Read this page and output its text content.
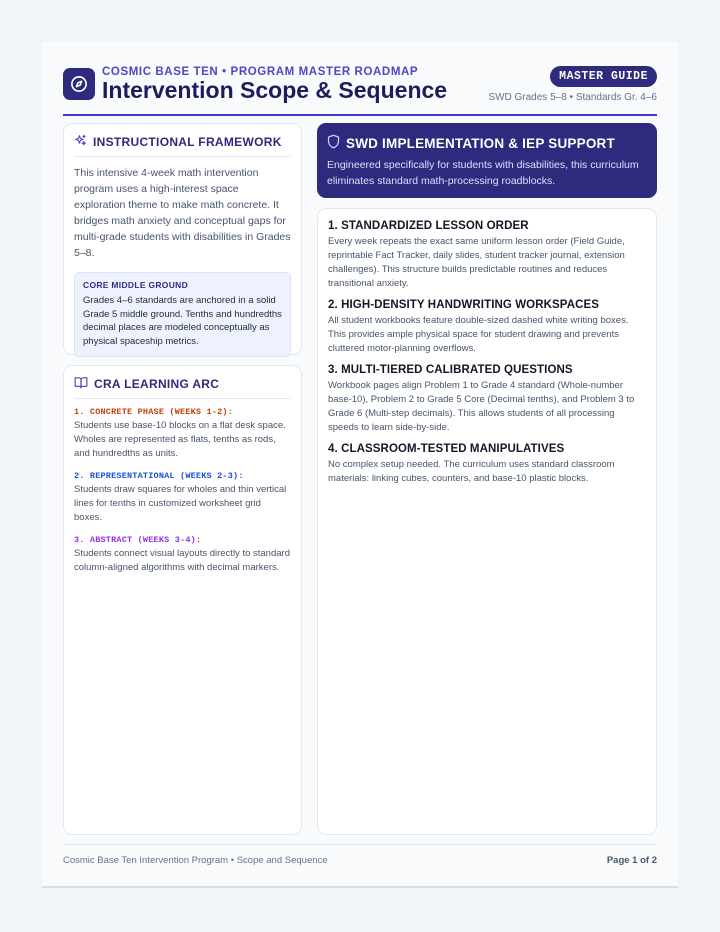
COSMIC BASE TEN • PROGRAM MASTER ROADMAP
Intervention Scope & Sequence
MASTER GUIDE
SWD Grades 5–8 • Standards Gr. 4–6
INSTRUCTIONAL FRAMEWORK
This intensive 4-week math intervention program uses a high-interest space exploration theme to make math concrete. It bridges math anxiety and conceptual gaps for multi-grade students with disabilities in Grades 5–8.
CORE MIDDLE GROUND
Grades 4–6 standards are anchored in a solid Grade 5 middle ground. Tenths and hundredths decimal places are modeled conceptually as physical spaceship metrics.
CRA LEARNING ARC
1. CONCRETE PHASE (WEEKS 1-2):
Students use base-10 blocks on a flat desk space. Wholes are represented as flats, tenths as rods, and hundredths as units.
2. REPRESENTATIONAL (WEEKS 2-3):
Students draw squares for wholes and thin vertical lines for tenths in customized worksheet grid boxes.
3. ABSTRACT (WEEKS 3-4):
Students connect visual layouts directly to standard column-aligned algorithms with decimal markers.
SWD IMPLEMENTATION & IEP SUPPORT
Engineered specifically for students with disabilities, this curriculum eliminates standard math-processing roadblocks.
1. STANDARDIZED LESSON ORDER
Every week repeats the exact same uniform lesson order (Field Guide, reprintable Fact Tracker, daily slides, student tracker journal, extension challenges). This structure builds predictable routines and reduces transitional anxiety.
2. HIGH-DENSITY HANDWRITING WORKSPACES
All student workbooks feature double-sized dashed white writing boxes. This provides ample physical space for student drawing and prevents cluttered motor-planning overflows.
3. MULTI-TIERED CALIBRATED QUESTIONS
Workbook pages align Problem 1 to Grade 4 standard (Whole-number base-10), Problem 2 to Grade 5 Core (Decimal tenths), and Problem 3 to Grade 6 (Multi-step decimals). This allows students of all processing speeds to learn side-by-side.
4. CLASSROOM-TESTED MANIPULATIVES
No complex setup needed. The curriculum uses standard classroom materials: linking cubes, counters, and base-10 plastic blocks.
Cosmic Base Ten Intervention Program • Scope and Sequence	Page 1 of 2
